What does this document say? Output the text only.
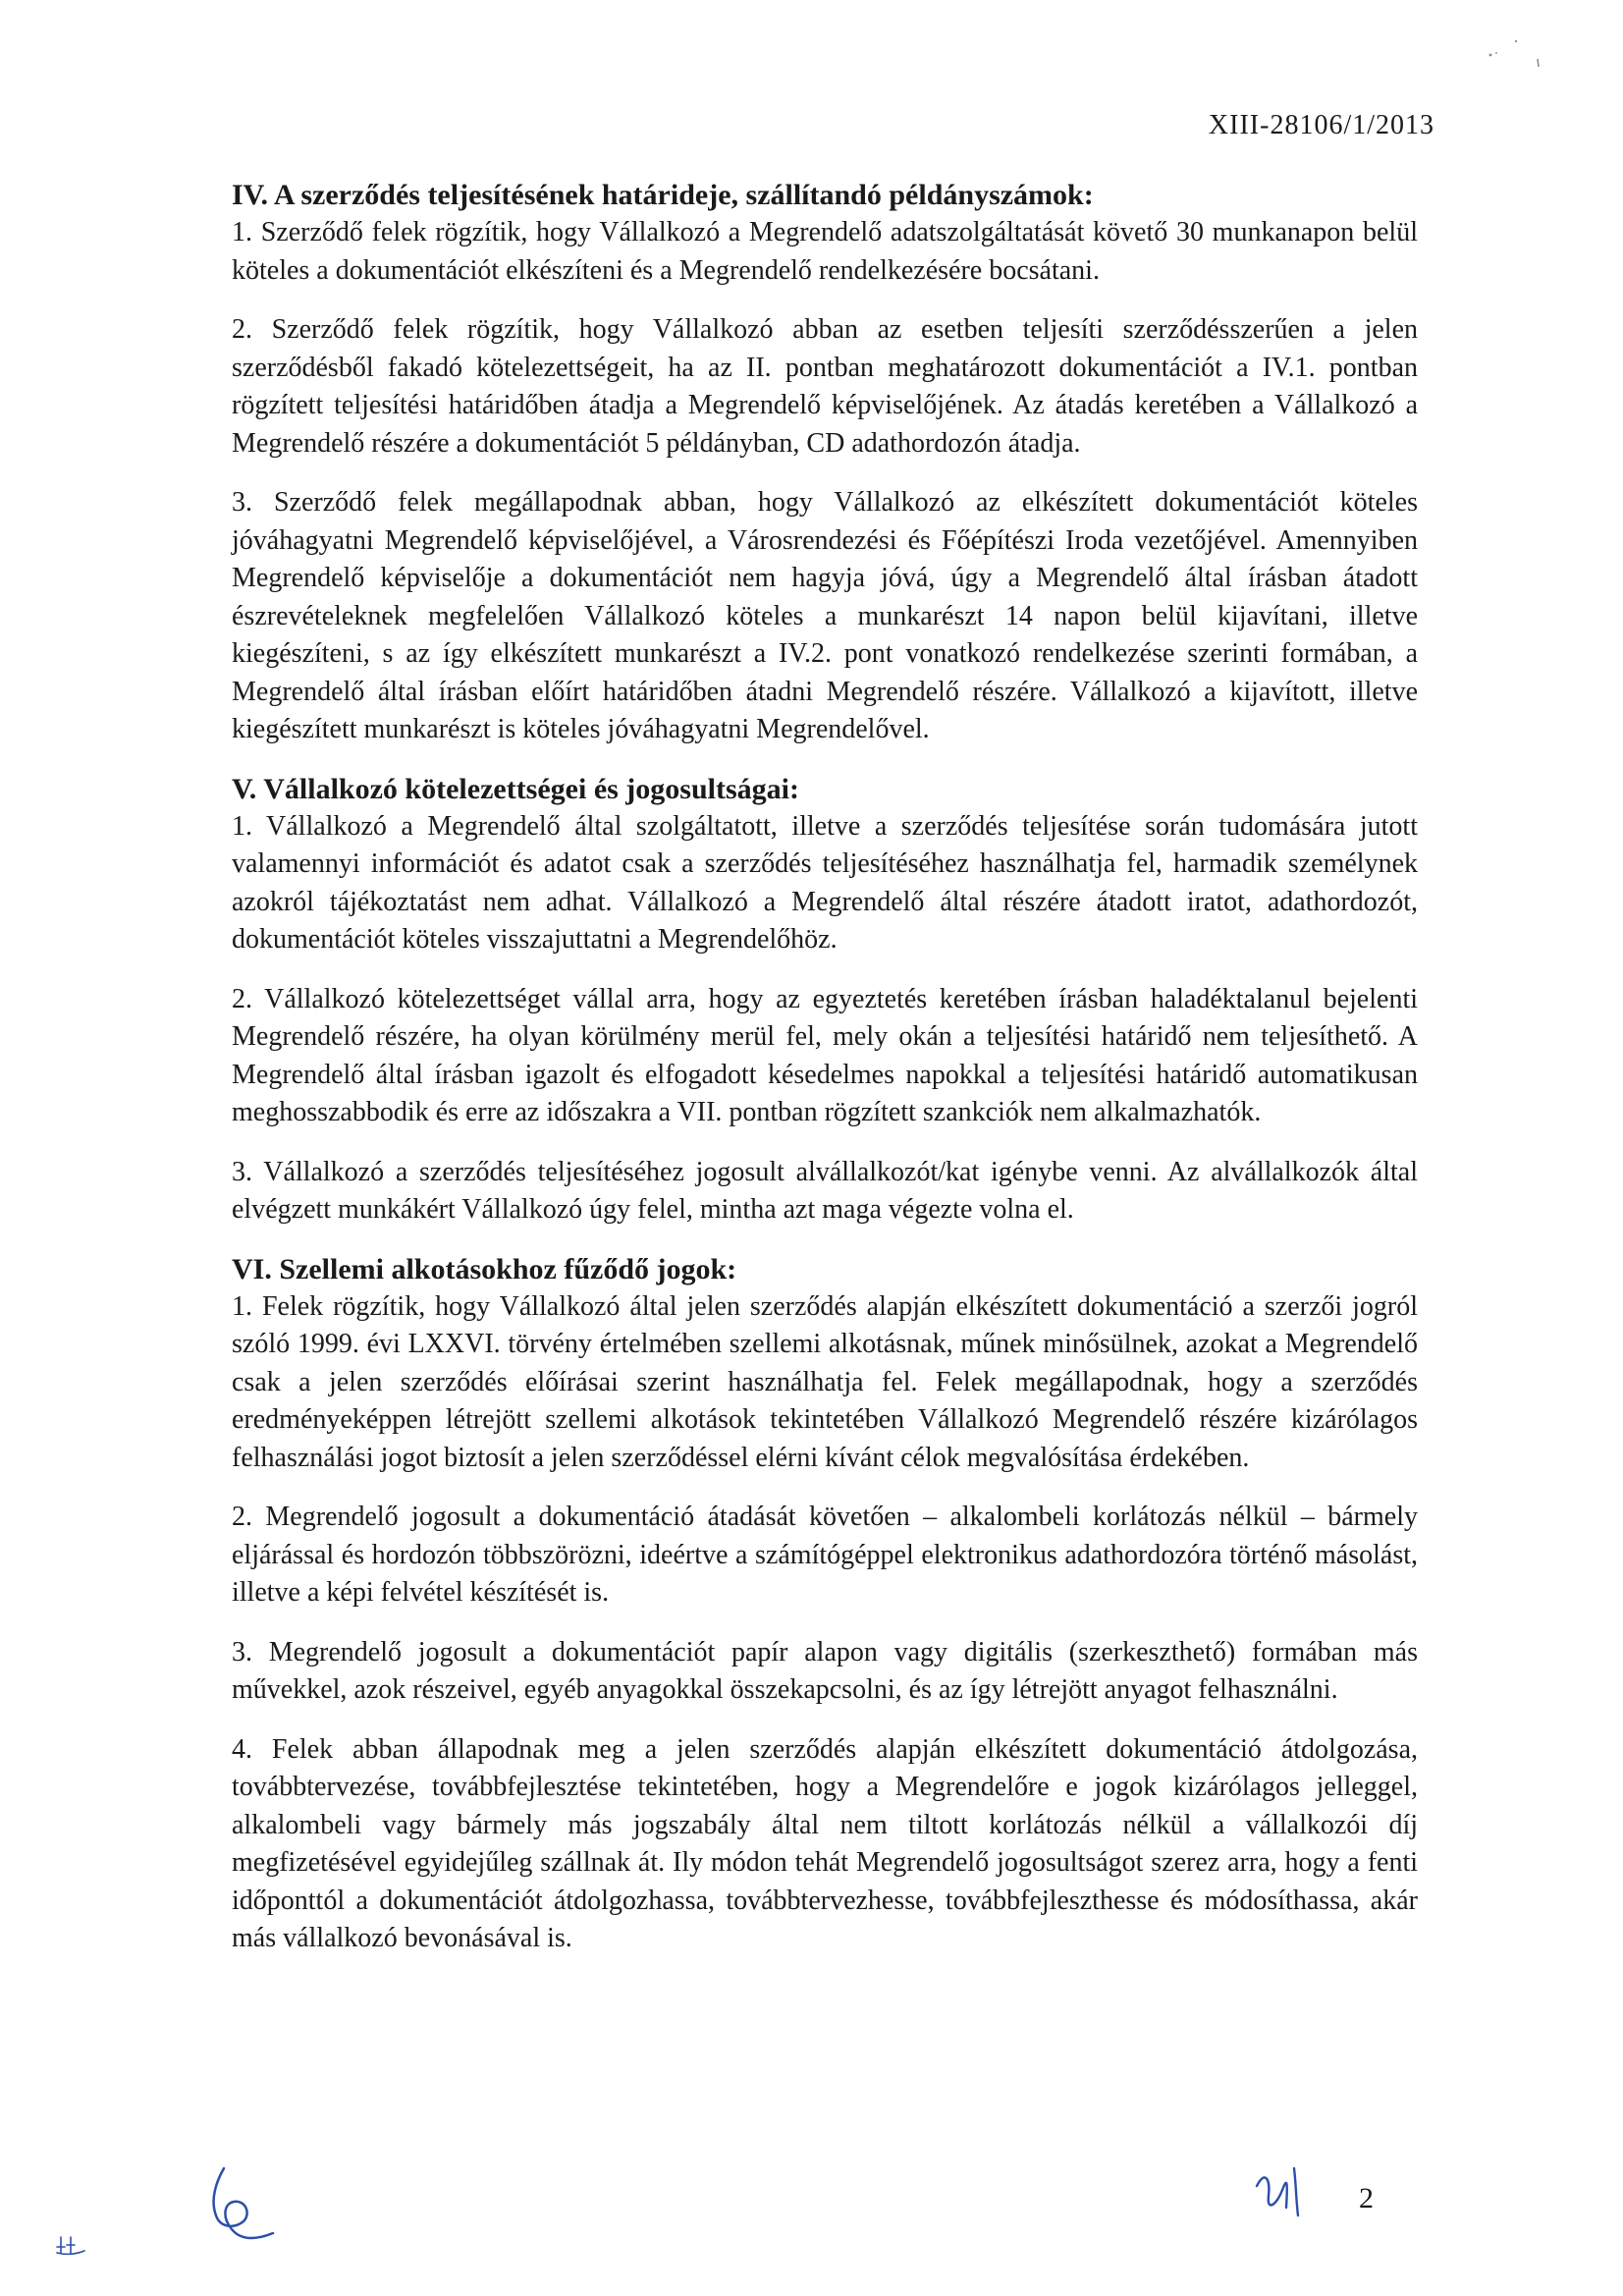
XIII-28106/1/2013
IV. A szerződés teljesítésének határideje, szállítandó példányszámok:

1. Szerződő felek rögzítik, hogy Vállalkozó a Megrendelő adatszolgáltatását követő 30 munkanapon belül köteles a dokumentációt elkészíteni és a Megrendelő rendelkezésére bocsátani.

2. Szerződő felek rögzítik, hogy Vállalkozó abban az esetben teljesíti szerződésszerűen a jelen szerződésből fakadó kötelezettségeit, ha az II. pontban meghatározott dokumentációt a IV.1. pontban rögzített teljesítési határidőben átadja a Megrendelő képviselőjének. Az átadás keretében a Vállalkozó a Megrendelő részére a dokumentációt 5 példányban, CD adathordozón átadja.

3. Szerződő felek megállapodnak abban, hogy Vállalkozó az elkészített dokumentációt köteles jóváhagyatni Megrendelő képviselőjével, a Városrendezési és Főépítészi Iroda vezetőjével. Amennyiben Megrendelő képviselője a dokumentációt nem hagyja jóvá, úgy a Megrendelő által írásban átadott észrevételeknek megfelelően Vállalkozó köteles a munkarészt 14 napon belül kijavítani, illetve kiegészíteni, s az így elkészített munkarészt a IV.2. pont vonatkozó rendelkezése szerinti formában, a Megrendelő által írásban előírt határidőben átadni Megrendelő részére. Vállalkozó a kijavított, illetve kiegészített munkarészt is köteles jóváhagyatni Megrendelővel.

V. Vállalkozó kötelezettségei és jogosultságai:

1. Vállalkozó a Megrendelő által szolgáltatott, illetve a szerződés teljesítése során tudomására jutott valamennyi információt és adatot csak a szerződés teljesítéséhez használhatja fel, harmadik személynek azokról tájékoztatást nem adhat. Vállalkozó a Megrendelő által részére átadott iratot, adathordozót, dokumentációt köteles visszajuttatni a Megrendelőhöz.

2. Vállalkozó kötelezettséget vállal arra, hogy az egyeztetés keretében írásban haladéktalanul bejelenti Megrendelő részére, ha olyan körülmény merül fel, mely okán a teljesítési határidő nem teljesíthető. A Megrendelő által írásban igazolt és elfogadott késedelmes napokkal a teljesítési határidő automatikusan meghosszabbodik és erre az időszakra a VII. pontban rögzített szankciók nem alkalmazhatók.

3. Vállalkozó a szerződés teljesítéséhez jogosult alvállalkozót/kat igénybe venni. Az alvállalkozók által elvégzett munkákért Vállalkozó úgy felel, mintha azt maga végezte volna el.

VI. Szellemi alkotásokhoz fűződő jogok:

1. Felek rögzítik, hogy Vállalkozó által jelen szerződés alapján elkészített dokumentáció a szerzői jogról szóló 1999. évi LXXVI. törvény értelmében szellemi alkotásnak, műnek minősülnek, azokat a Megrendelő csak a jelen szerződés előírásai szerint használhatja fel. Felek megállapodnak, hogy a szerződés eredményeképpen létrejött szellemi alkotások tekintetében Vállalkozó Megrendelő részére kizárólagos felhasználási jogot biztosít a jelen szerződéssel elérni kívánt célok megvalósítása érdekében.

2. Megrendelő jogosult a dokumentáció átadását követően – alkalombeli korlátozás nélkül – bármely eljárással és hordozón többszörözni, ideértve a számítógéppel elektronikus adathordozóra történő másolást, illetve a képi felvétel készítését is.

3. Megrendelő jogosult a dokumentációt papír alapon vagy digitális (szerkeszthető) formában más művekkel, azok részeivel, egyéb anyagokkal összekapcsolni, és az így létrejött anyagot felhasználni.

4. Felek abban állapodnak meg a jelen szerződés alapján elkészített dokumentáció átdolgozása, továbbtervezése, továbbfejlesztése tekintetében, hogy a Megrendelőre e jogok kizárólagos jelleggel, alkalombeli vagy bármely más jogszabály által nem tiltott korlátozás nélkül a vállalkozói díj megfizetésével egyidejűleg szállnak át. Ily módon tehát Megrendelő jogosultságot szerez arra, hogy a fenti időponttól a dokumentációt átdolgozhassa, továbbtervezhesse, továbbfejleszthesse és módosíthassa, akár más vállalkozó bevonásával is.

2
